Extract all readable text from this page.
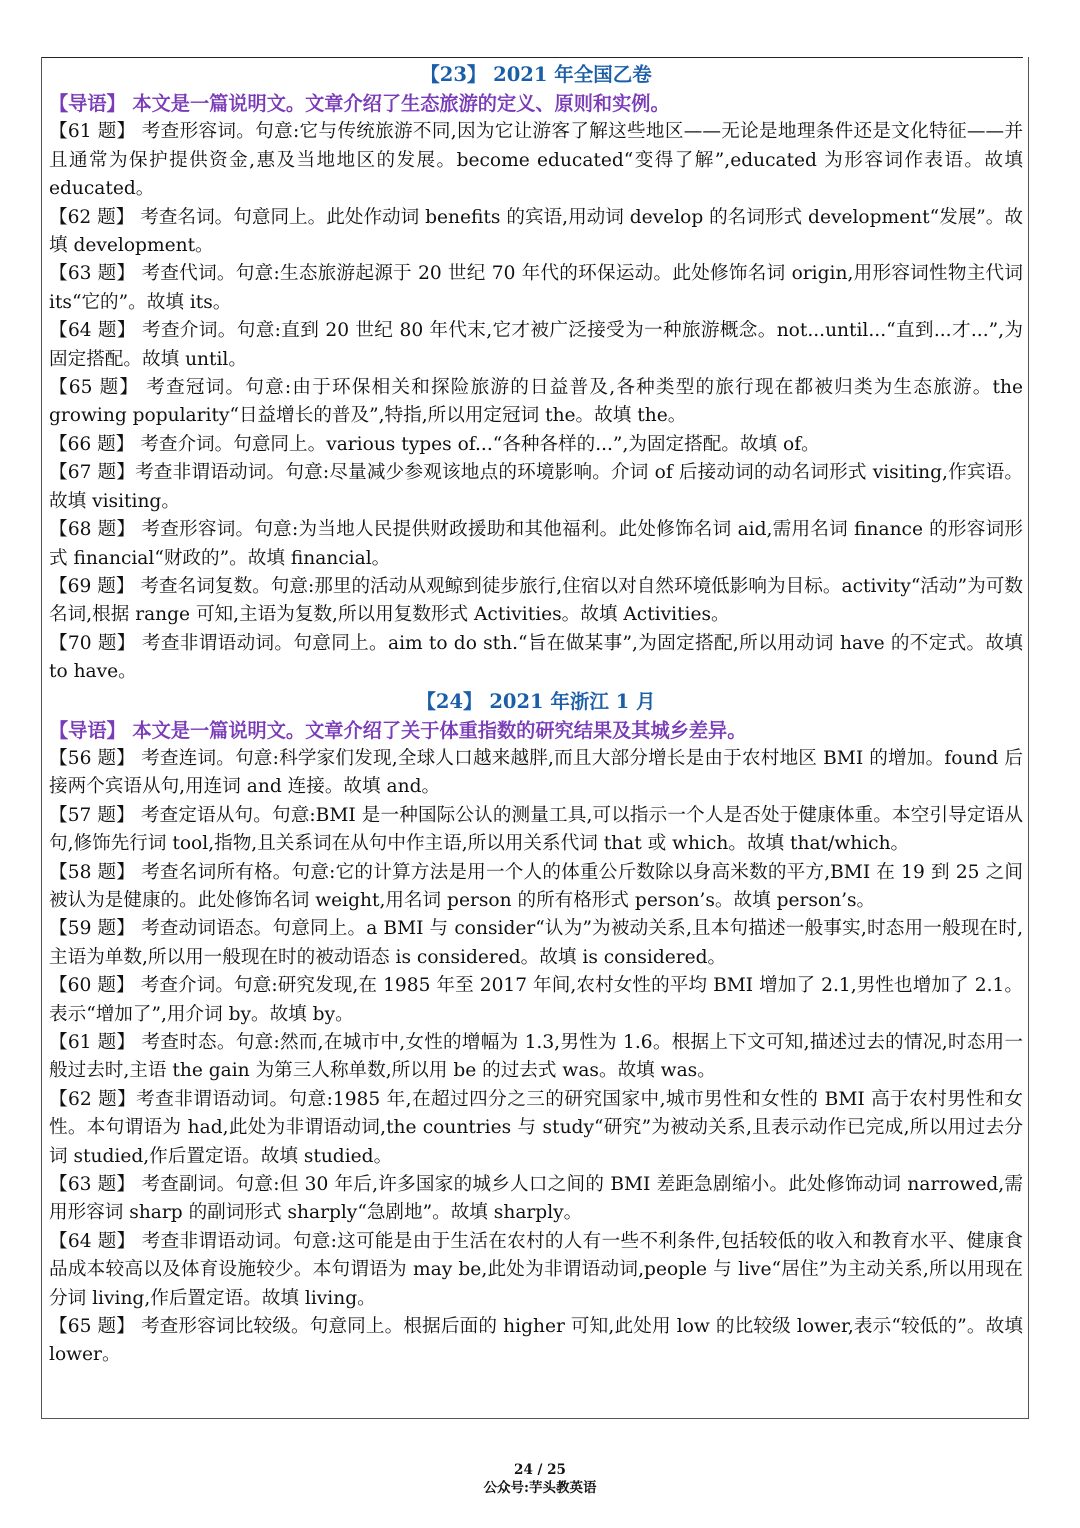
【23】 2021 年全国乙卷

【导语】 本文是一篇说明文。文章介绍了生态旅游的定义、原则和实例。

【61 题】 考查形容词。句意:它与传统旅游不同,因为它让游客了解这些地区——无论是地理条件还是文化特征——并且通常为保护提供资金,惠及当地地区的发展。become educated“变得了解”,educated 为形容词作表语。故填 educated。

【62 题】 考查名词。句意同上。此处作动词 benefits 的宾语,用动词 develop 的名词形式 development“发展”。故填 development。

【63 题】 考查代词。句意:生态旅游起源于 20 世纪 70 年代的环保运动。此处修饰名词 origin,用形容词性物主代词 its“它的”。故填 its。

【64 题】 考查介词。句意:直到 20 世纪 80 年代末,它才被广泛接受为一种旅游概念。not...until...“直到...才...”,为固定搭配。故填 until。

【65 题】 考查冠词。句意:由于环保相关和探险旅游的日益普及,各种类型的旅行现在都被归类为生态旅游。the growing popularity“日益增长的普及”,特指,所以用定冠词 the。故填 the。

【66 题】 考查介词。句意同上。various types of...“各种各样的...”,为固定搭配。故填 of。

【67 题】考查非谓语动词。句意:尽量减少参观该地点的环境影响。介词 of 后接动词的动名词形式 visiting,作宾语。故填 visiting。

【68 题】 考查形容词。句意:为当地人民提供财政援助和其他福利。此处修饰名词 aid,需用名词 finance 的形容词形式 financial“财政的”。故填 financial。

【69 题】 考查名词复数。句意:那里的活动从观鲸到徒步旅行,住宿以对自然环境低影响为目标。activity“活动”为可数名词,根据 range 可知,主语为复数,所以用复数形式 Activities。故填 Activities。

【70 题】 考查非谓语动词。句意同上。aim to do sth.“旨在做某事”,为固定搭配,所以用动词 have 的不定式。故填 to have。

【24】 2021 年浙江 1 月

【导语】 本文是一篇说明文。文章介绍了关于体重指数的研究结果及其城乡差异。

【56 题】 考查连词。句意:科学家们发现,全球人口越来越胖,而且大部分增长是由于农村地区 BMI 的增加。found 后接两个宾语从句,用连词 and 连接。故填 and。

【57 题】 考查定语从句。句意:BMI 是一种国际公认的测量工具,可以指示一个人是否处于健康体重。本空引导定语从句,修饰先行词 tool,指物,且关系词在从句中作主语,所以用关系代词 that 或 which。故填 that/which。

【58 题】 考查名词所有格。句意:它的计算方法是用一个人的体重公斤数除以身高米数的平方,BMI 在 19 到 25 之间被认为是健康的。此处修饰名词 weight,用名词 person 的所有格形式 person’s。故填 person’s。

【59 题】 考查动词语态。句意同上。a BMI 与 consider“认为”为被动关系,且本句描述一般事实,时态用一般现在时,主语为单数,所以用一般现在时的被动语态 is considered。故填 is considered。

【60 题】 考查介词。句意:研究发现,在 1985 年至 2017 年间,农村女性的平均 BMI 增加了 2.1,男性也增加了 2.1。表示“增加了”,用介词 by。故填 by。

【61 题】 考查时态。句意:然而,在城市中,女性的增幅为 1.3,男性为 1.6。根据上下文可知,描述过去的情况,时态用一般过去时,主语 the gain 为第三人称单数,所以用 be 的过去式 was。故填 was。

【62 题】考查非谓语动词。句意:1985 年,在超过四分之三的研究国家中,城市男性和女性的 BMI 高于农村男性和女性。本句谓语为 had,此处为非谓语动词,the countries 与 study“研究”为被动关系,且表示动作已完成,所以用过去分词 studied,作后置定语。故填 studied。

【63 题】 考查副词。句意:但 30 年后,许多国家的城乡人口之间的 BMI 差距急剧缩小。此处修饰动词 narrowed,需用形容词 sharp 的副词形式 sharply“急剧地”。故填 sharply。

【64 题】 考查非谓语动词。句意:这可能是由于生活在农村的人有一些不利条件,包括较低的收入和教育水平、健康食品成本较高以及体育设施较少。本句谓语为 may be,此处为非谓语动词,people 与 live“居住”为主动关系,所以用现在分词 living,作后置定语。故填 living。

【65 题】 考查形容词比较级。句意同上。根据后面的 higher 可知,此处用 low 的比较级 lower,表示“较低的”。故填 lower。

24 / 25
公众号:芋头教英语
